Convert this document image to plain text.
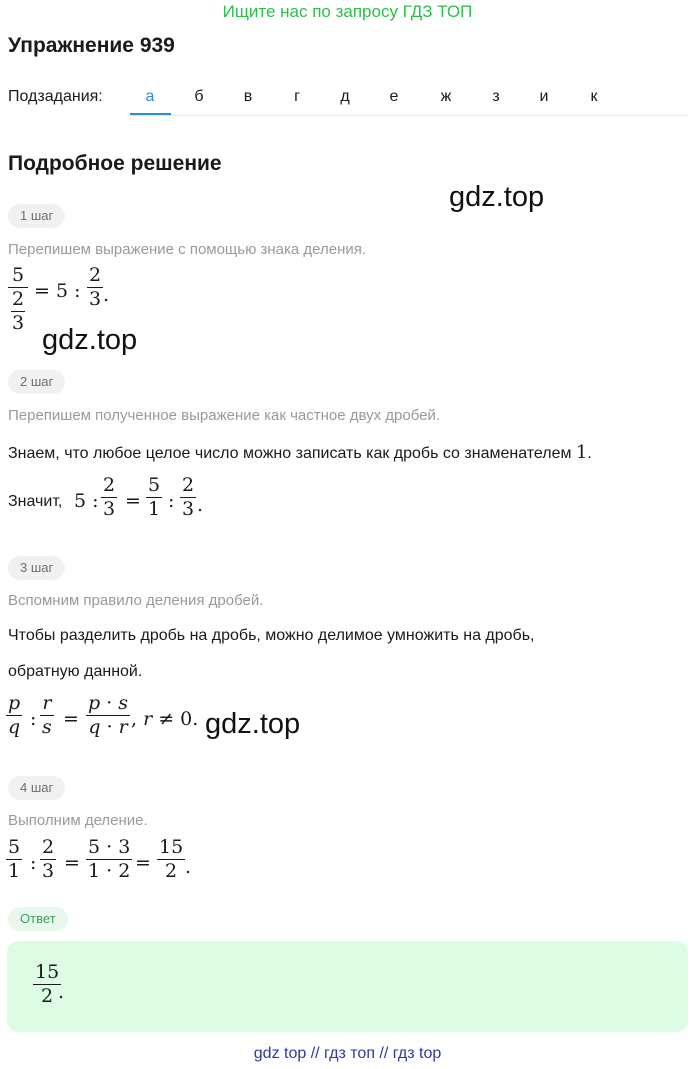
Ищите нас по запросу ГДЗ ТОП
Упражнение 939
Подзадания:	а	б	в	г	д	е	ж	з	и	к
Подробное решение
gdz.top
gdz.top
gdz.top
1 шаг
Перепишем выражение с помощью знака деления.
5
$\frac{2}{3} = 5$ :
2
3 .
2 шаг
Перепишем полученное выражение как частное двух дробей.
Знаем, что любое целое число можно записать как дробь со знаменателем 1.
Значит, 5 :
2
3 =
5
1 :
2
3 .
3 шаг
Вспомним правило деления дробей.
Чтобы разделить дробь на дробь, можно делимое умножить на дробь,
обратную данной.
p
q :
r
s =
p · s
q · r , r ≠ 0.
4 шаг
Выполним деление.
5
1 :
2
3 =
5 · 3
1 · 2 =
15
2 .
Ответ
15
2 .
gdz top // гдз топ // гдз top
